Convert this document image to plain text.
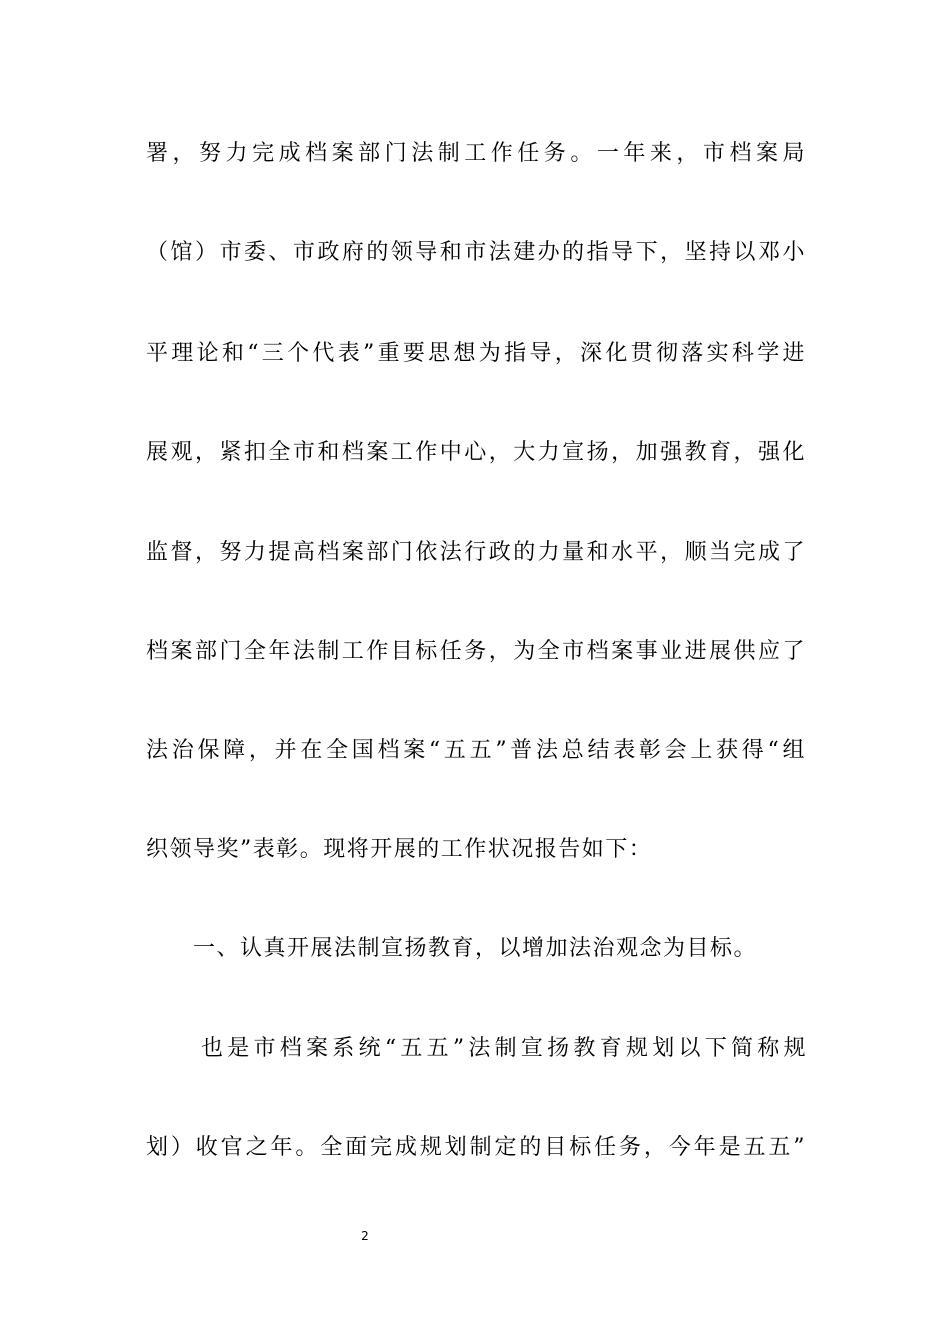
署，努力完成档案部门法制工作任务。一年来，市档案局
（馆）市委、市政府的领导和市法建办的指导下，坚持以邓小
平理论和“三个代表”重要思想为指导，深化贯彻落实科学进
展观，紧扣全市和档案工作中心，大力宣扬，加强教育，强化
监督，努力提高档案部门依法行政的力量和水平，顺当完成了
档案部门全年法制工作目标任务，为全市档案事业进展供应了
法治保障，并在全国档案“五五”普法总结表彰会上获得“组
织领导奖”表彰。现将开展的工作状况报告如下：
一、认真开展法制宣扬教育，以增加法治观念为目标。
也是市档案系统“五五”法制宣扬教育规划以下简称规
划）收官之年。全面完成规划制定的目标任务，今年是五五”
2
